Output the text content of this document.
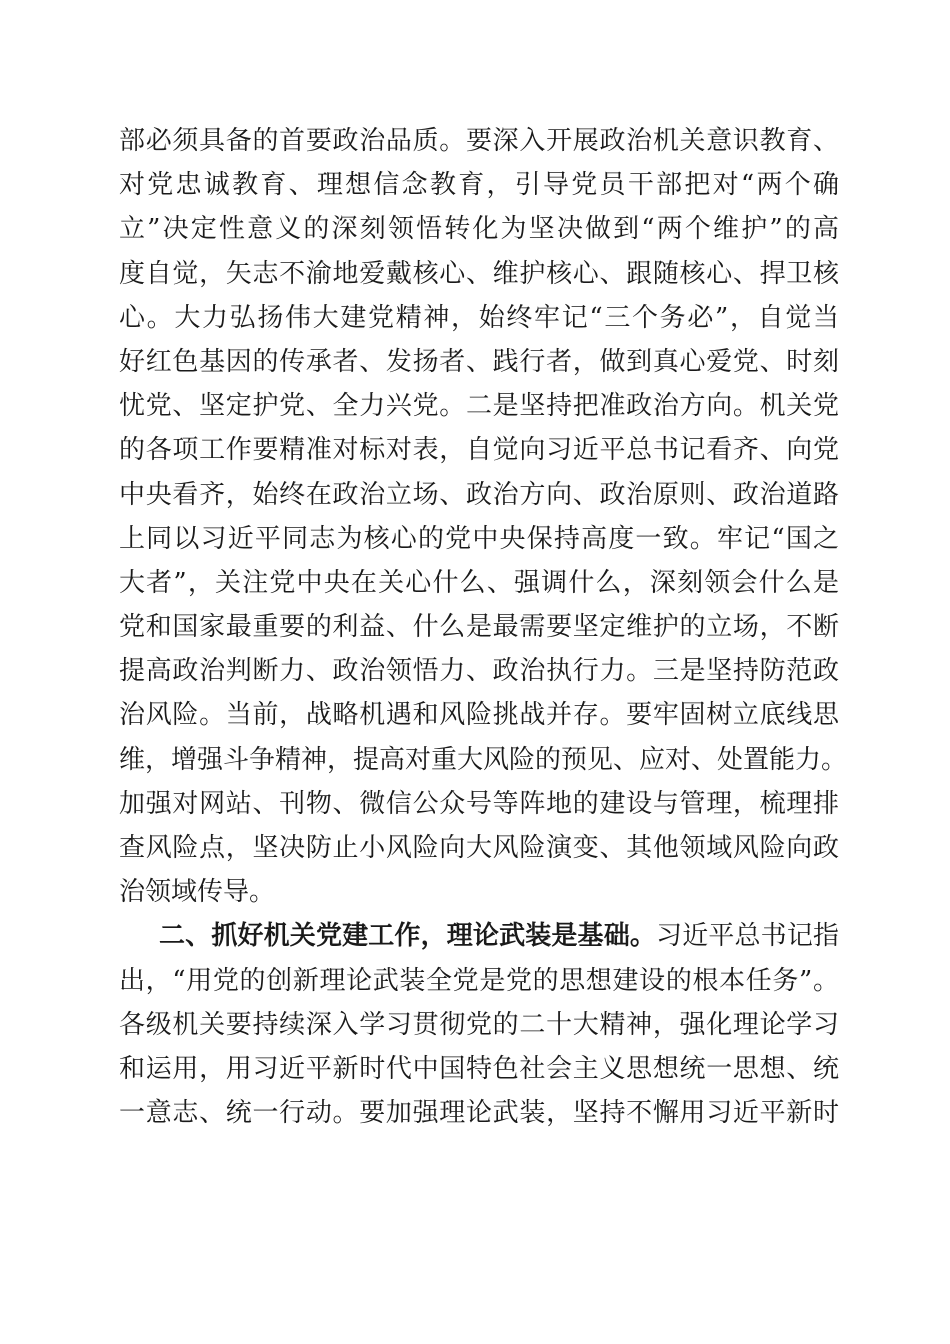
部必须具备的首要政治品质。要深入开展政治机关意识教育、
对党忠诚教育、理想信念教育，引导党员干部把对“两个确
立”决定性意义的深刻领悟转化为坚决做到“两个维护”的高
度自觉，矢志不渝地爱戴核心、维护核心、跟随核心、捍卫核
心。大力弘扬伟大建党精神，始终牢记“三个务必”，自觉当
好红色基因的传承者、发扬者、践行者，做到真心爱党、时刻
忧党、坚定护党、全力兴党。二是坚持把准政治方向。机关党
的各项工作要精准对标对表，自觉向习近平总书记看齐、向党
中央看齐，始终在政治立场、政治方向、政治原则、政治道路
上同以习近平同志为核心的党中央保持高度一致。牢记“国之
大者”，关注党中央在关心什么、强调什么，深刻领会什么是
党和国家最重要的利益、什么是最需要坚定维护的立场，不断
提高政治判断力、政治领悟力、政治执行力。三是坚持防范政
治风险。当前，战略机遇和风险挑战并存。要牢固树立底线思
维，增强斗争精神，提高对重大风险的预见、应对、处置能力。
加强对网站、刊物、微信公众号等阵地的建设与管理，梳理排
查风险点，坚决防止小风险向大风险演变、其他领域风险向政
治领域传导。
二、抓好机关党建工作，理论武装是基础。习近平总书记指
出，“用党的创新理论武装全党是党的思想建设的根本任务”。
各级机关要持续深入学习贯彻党的二十大精神，强化理论学习
和运用，用习近平新时代中国特色社会主义思想统一思想、统
一意志、统一行动。要加强理论武装，坚持不懈用习近平新时
